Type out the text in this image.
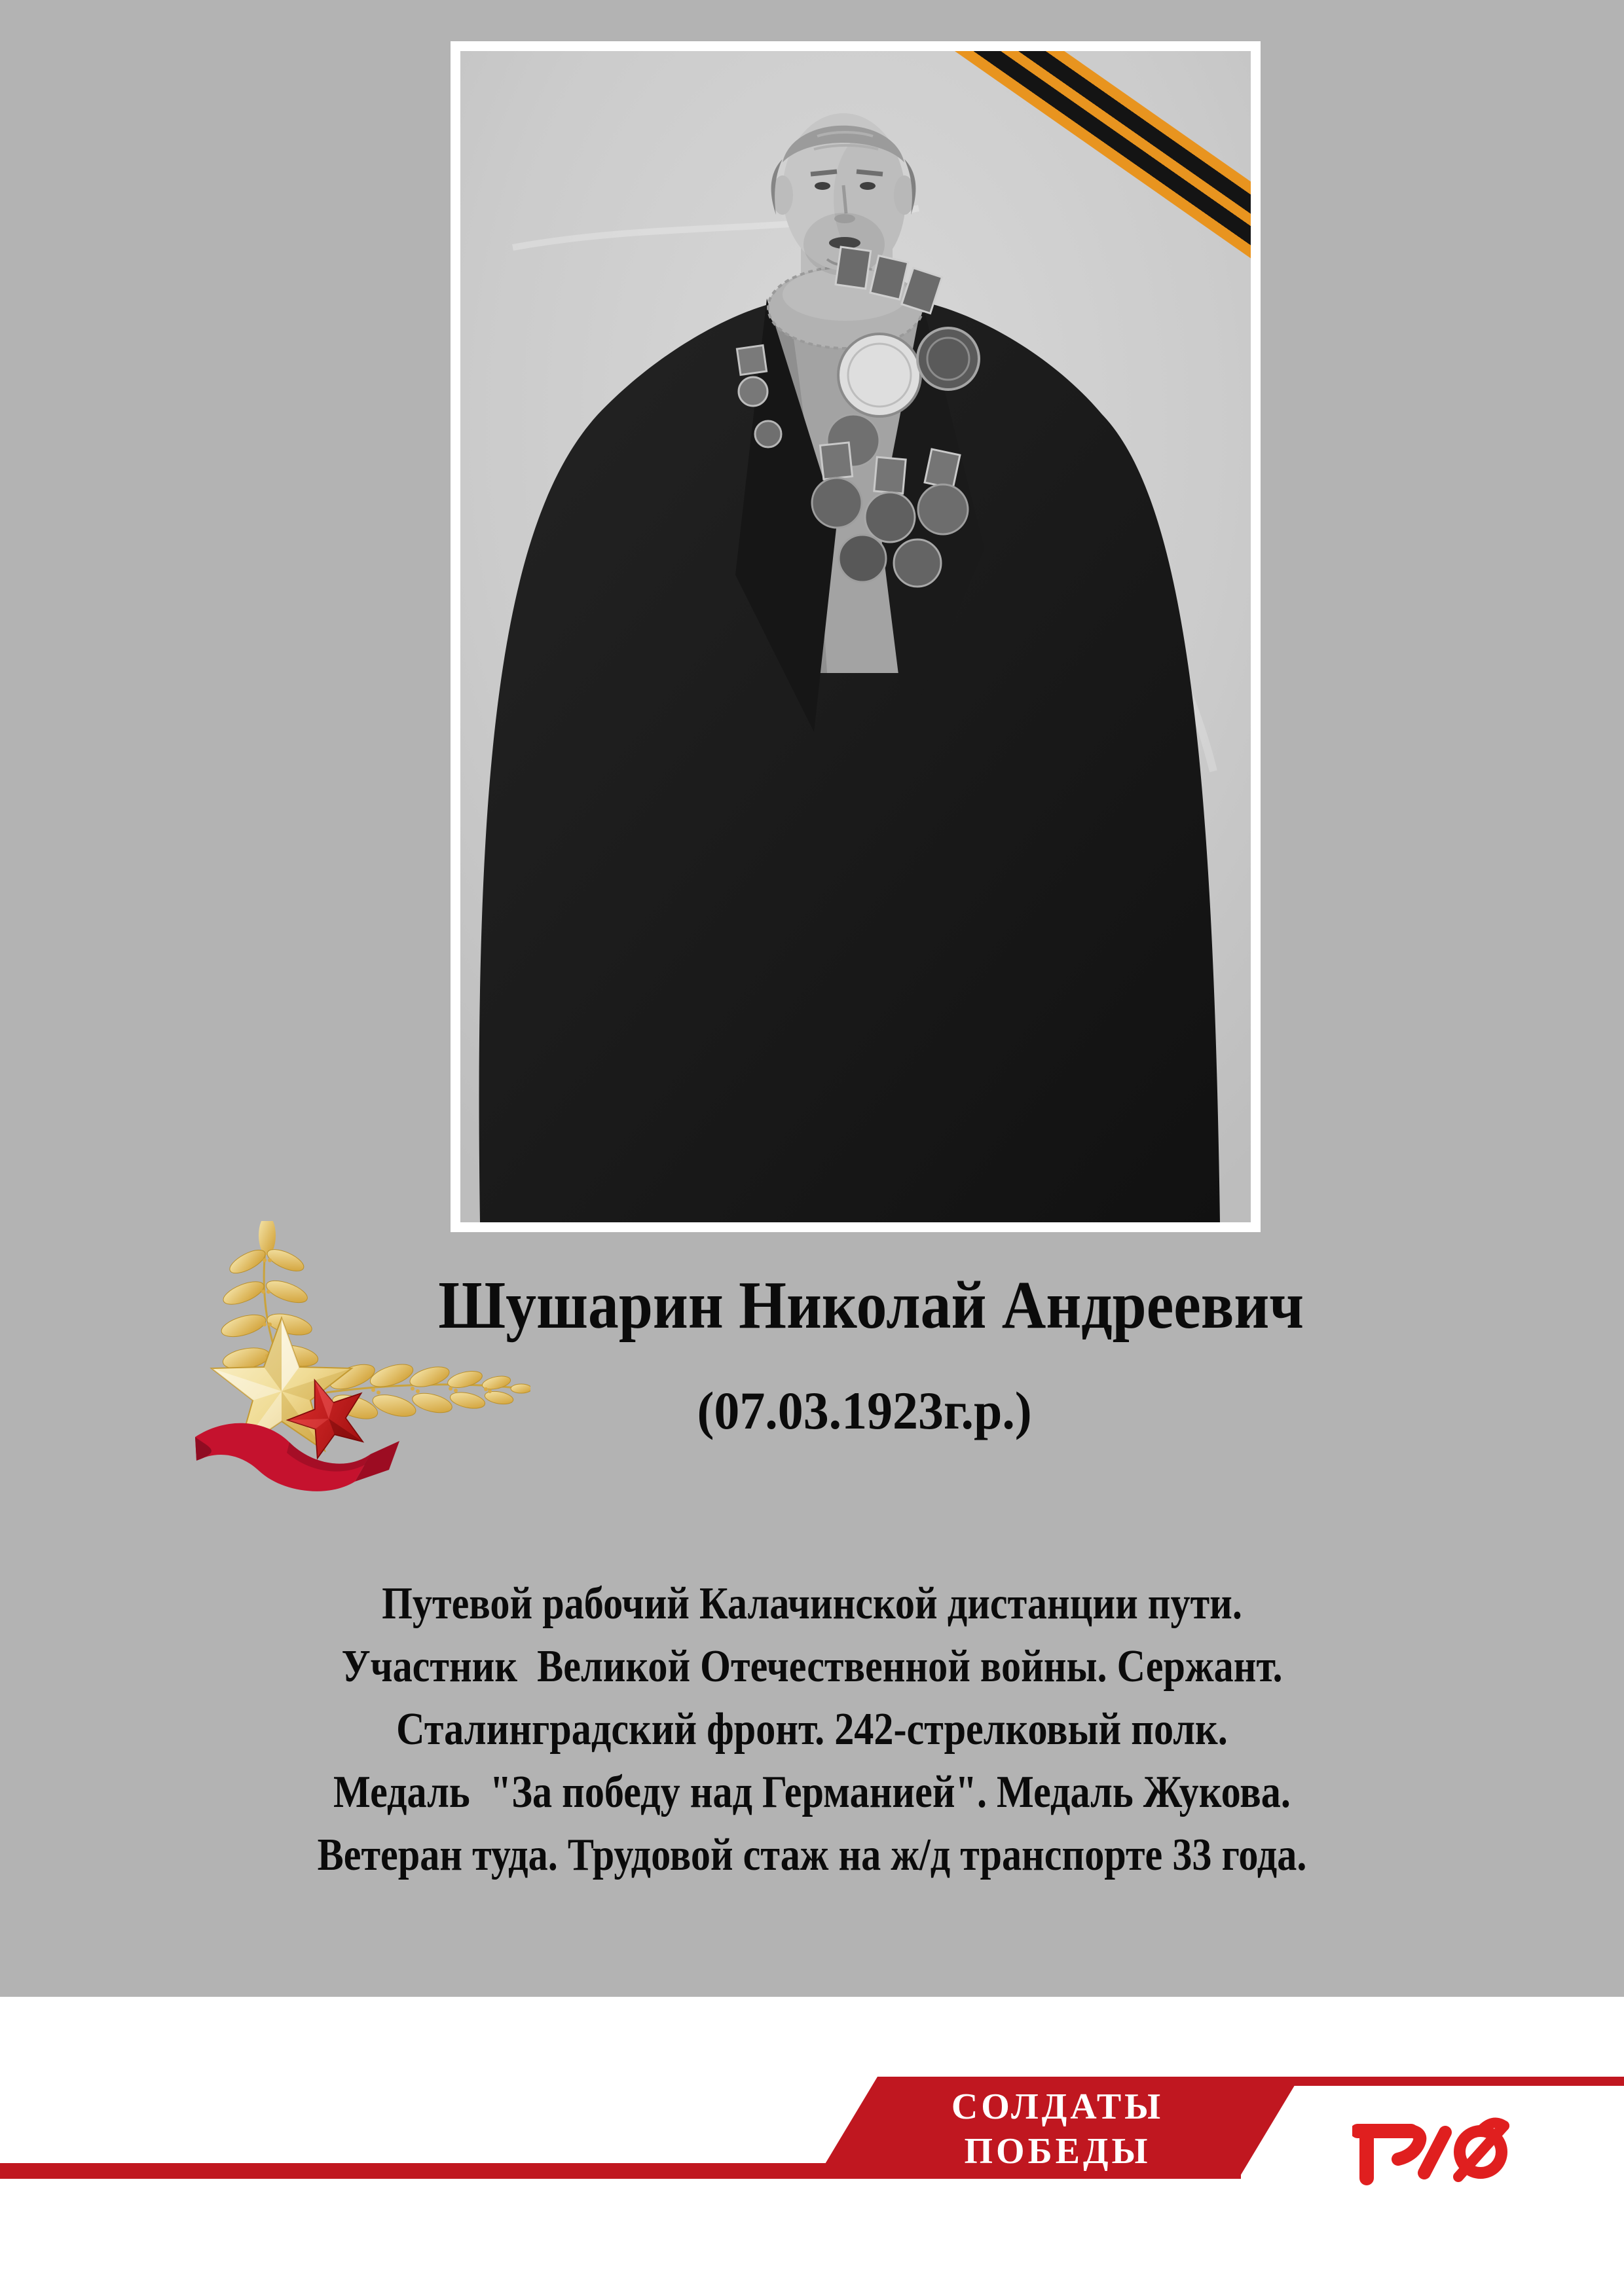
Шушарин Николай Андреевич
(07.03.1923г.р.)
Путевой рабочий Калачинской дистанции пути.
Участник  Великой Отечественной войны. Сержант.
Сталинградский фронт. 242-стрелковый полк.
Медаль  "За победу над Германией". Медаль Жукова.
Ветеран туда. Трудовой стаж на ж/д транспорте 33 года.
СОЛДАТЫ
ПОБЕДЫ
